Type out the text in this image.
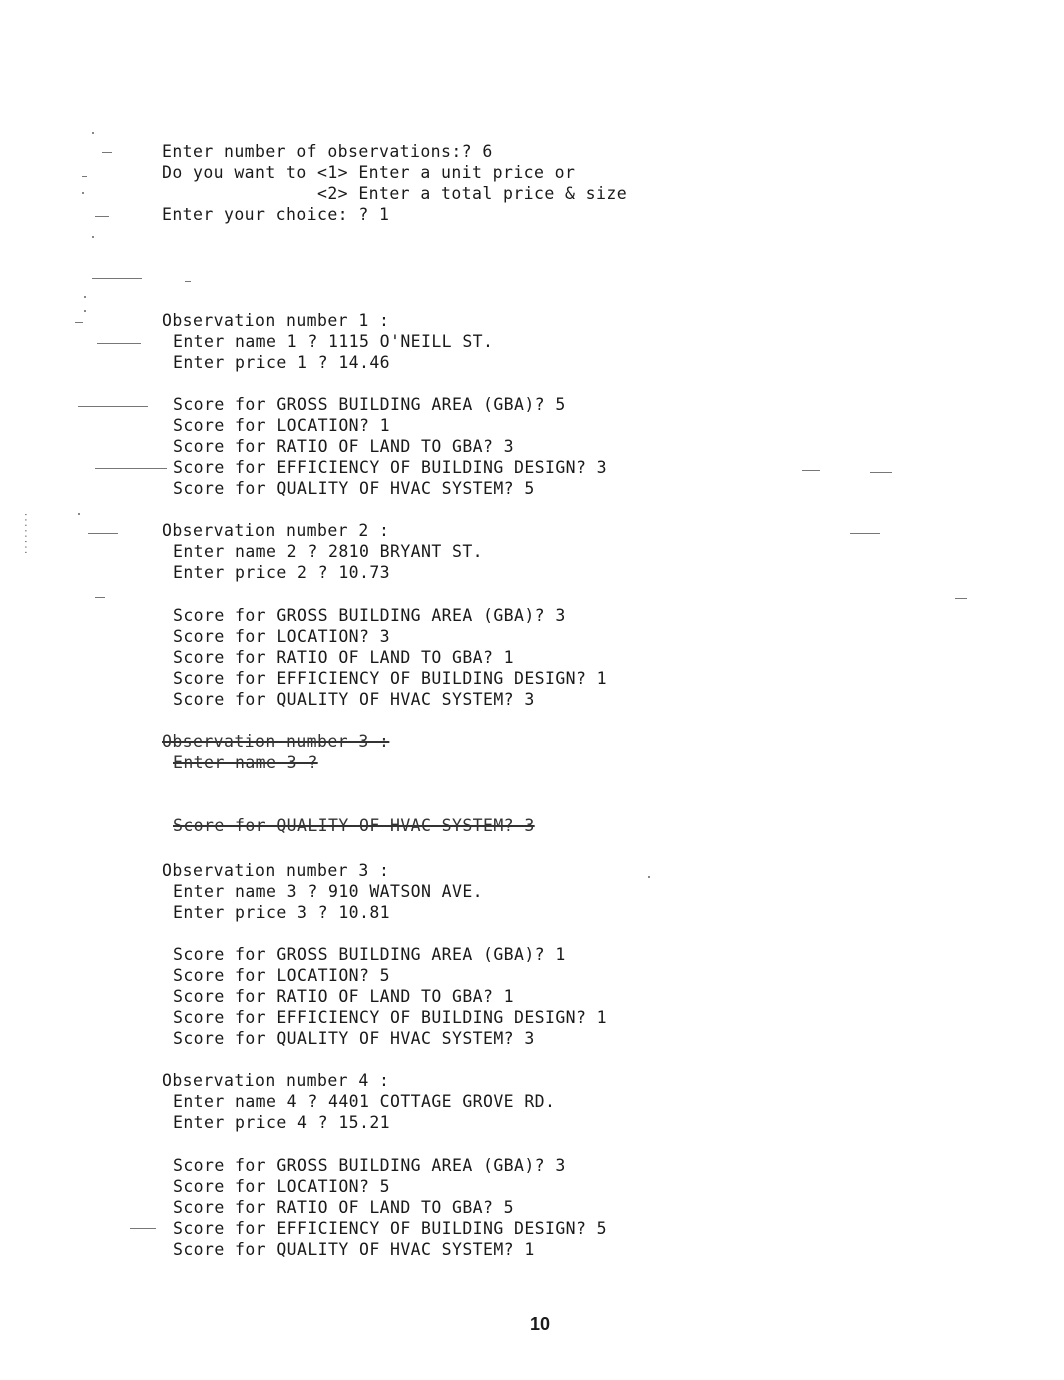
Enter number of observations:? 6
Do you want to <1> Enter a unit price or
<2> Enter a total price & size
Enter your choice: ? 1
Observation number 1 :
Enter name 1 ? 1115 O'NEILL ST.
Enter price 1 ? 14.46
Score for GROSS BUILDING AREA (GBA)? 5
Score for LOCATION? 1
Score for RATIO OF LAND TO GBA? 3
Score for EFFICIENCY OF BUILDING DESIGN? 3
Score for QUALITY OF HVAC SYSTEM? 5
Observation number 2 :
Enter name 2 ? 2810 BRYANT ST.
Enter price 2 ? 10.73
Score for GROSS BUILDING AREA (GBA)? 3
Score for LOCATION? 3
Score for RATIO OF LAND TO GBA? 1
Score for EFFICIENCY OF BUILDING DESIGN? 1
Score for QUALITY OF HVAC SYSTEM? 3
Observation number 3 :
Enter name 3 ?
Score for QUALITY OF HVAC SYSTEM? 3
Observation number 3 :
Enter name 3 ? 910 WATSON AVE.
Enter price 3 ? 10.81
Score for GROSS BUILDING AREA (GBA)? 1
Score for LOCATION? 5
Score for RATIO OF LAND TO GBA? 1
Score for EFFICIENCY OF BUILDING DESIGN? 1
Score for QUALITY OF HVAC SYSTEM? 3
Observation number 4 :
Enter name 4 ? 4401 COTTAGE GROVE RD.
Enter price 4 ? 15.21
Score for GROSS BUILDING AREA (GBA)? 3
Score for LOCATION? 5
Score for RATIO OF LAND TO GBA? 5
Score for EFFICIENCY OF BUILDING DESIGN? 5
Score for QUALITY OF HVAC SYSTEM? 1
10
⋅⋅⋅⋅⋅⋅⋅⋅
